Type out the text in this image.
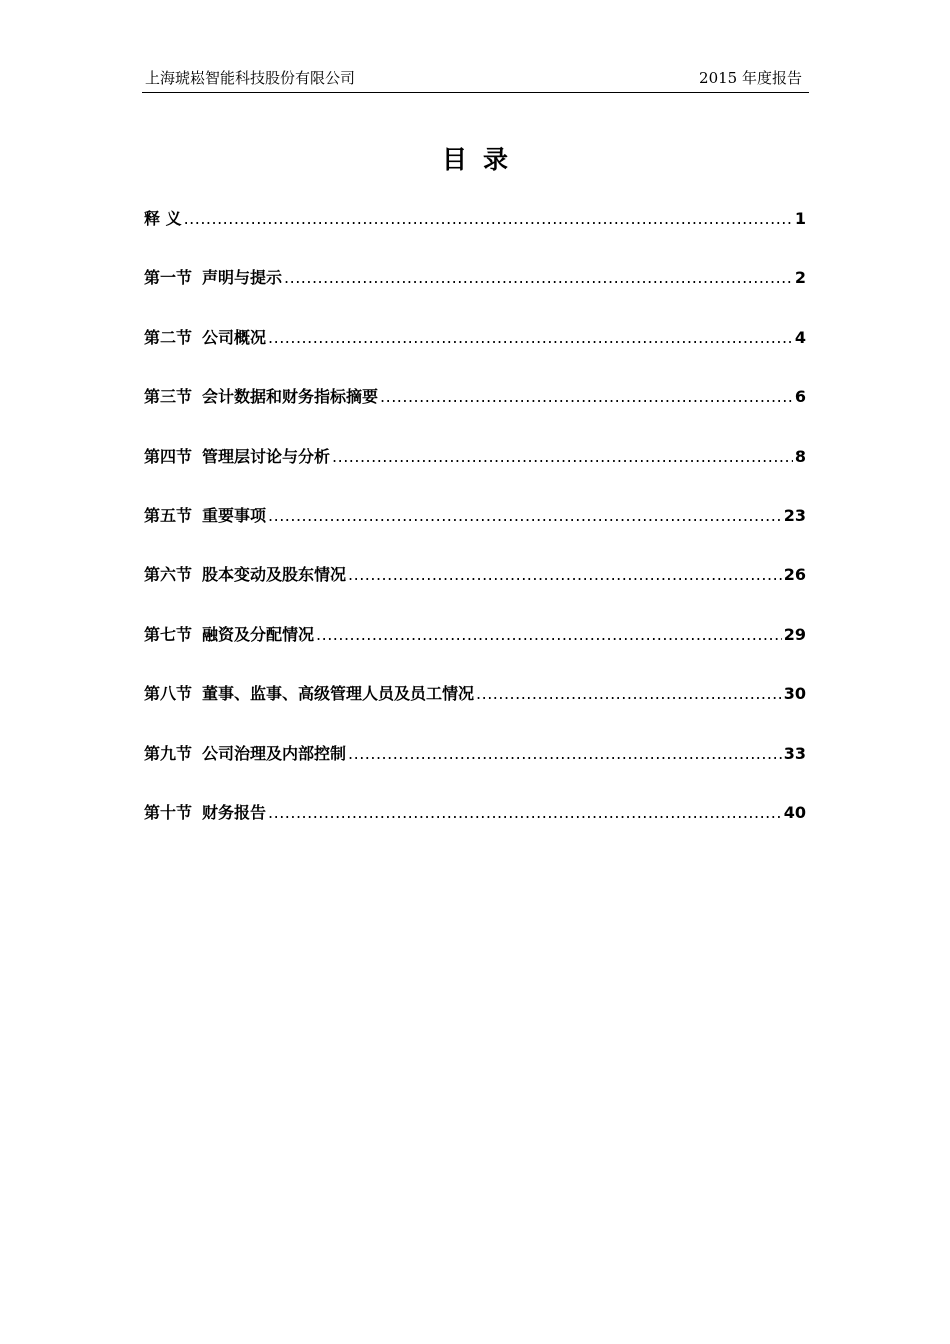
上海琥崧智能科技股份有限公司	2015 年度报告
目录
释 义 .....	1
第一节 声明与提示 .....	2
第二节 公司概况 .....	4
第三节 会计数据和财务指标摘要 .....	6
第四节 管理层讨论与分析 .....	8
第五节 重要事项 .....	23
第六节 股本变动及股东情况 .....	26
第七节 融资及分配情况 .....	29
第八节 董事、监事、高级管理人员及员工情况 .....	30
第九节 公司治理及内部控制 .....	33
第十节 财务报告 .....	40
